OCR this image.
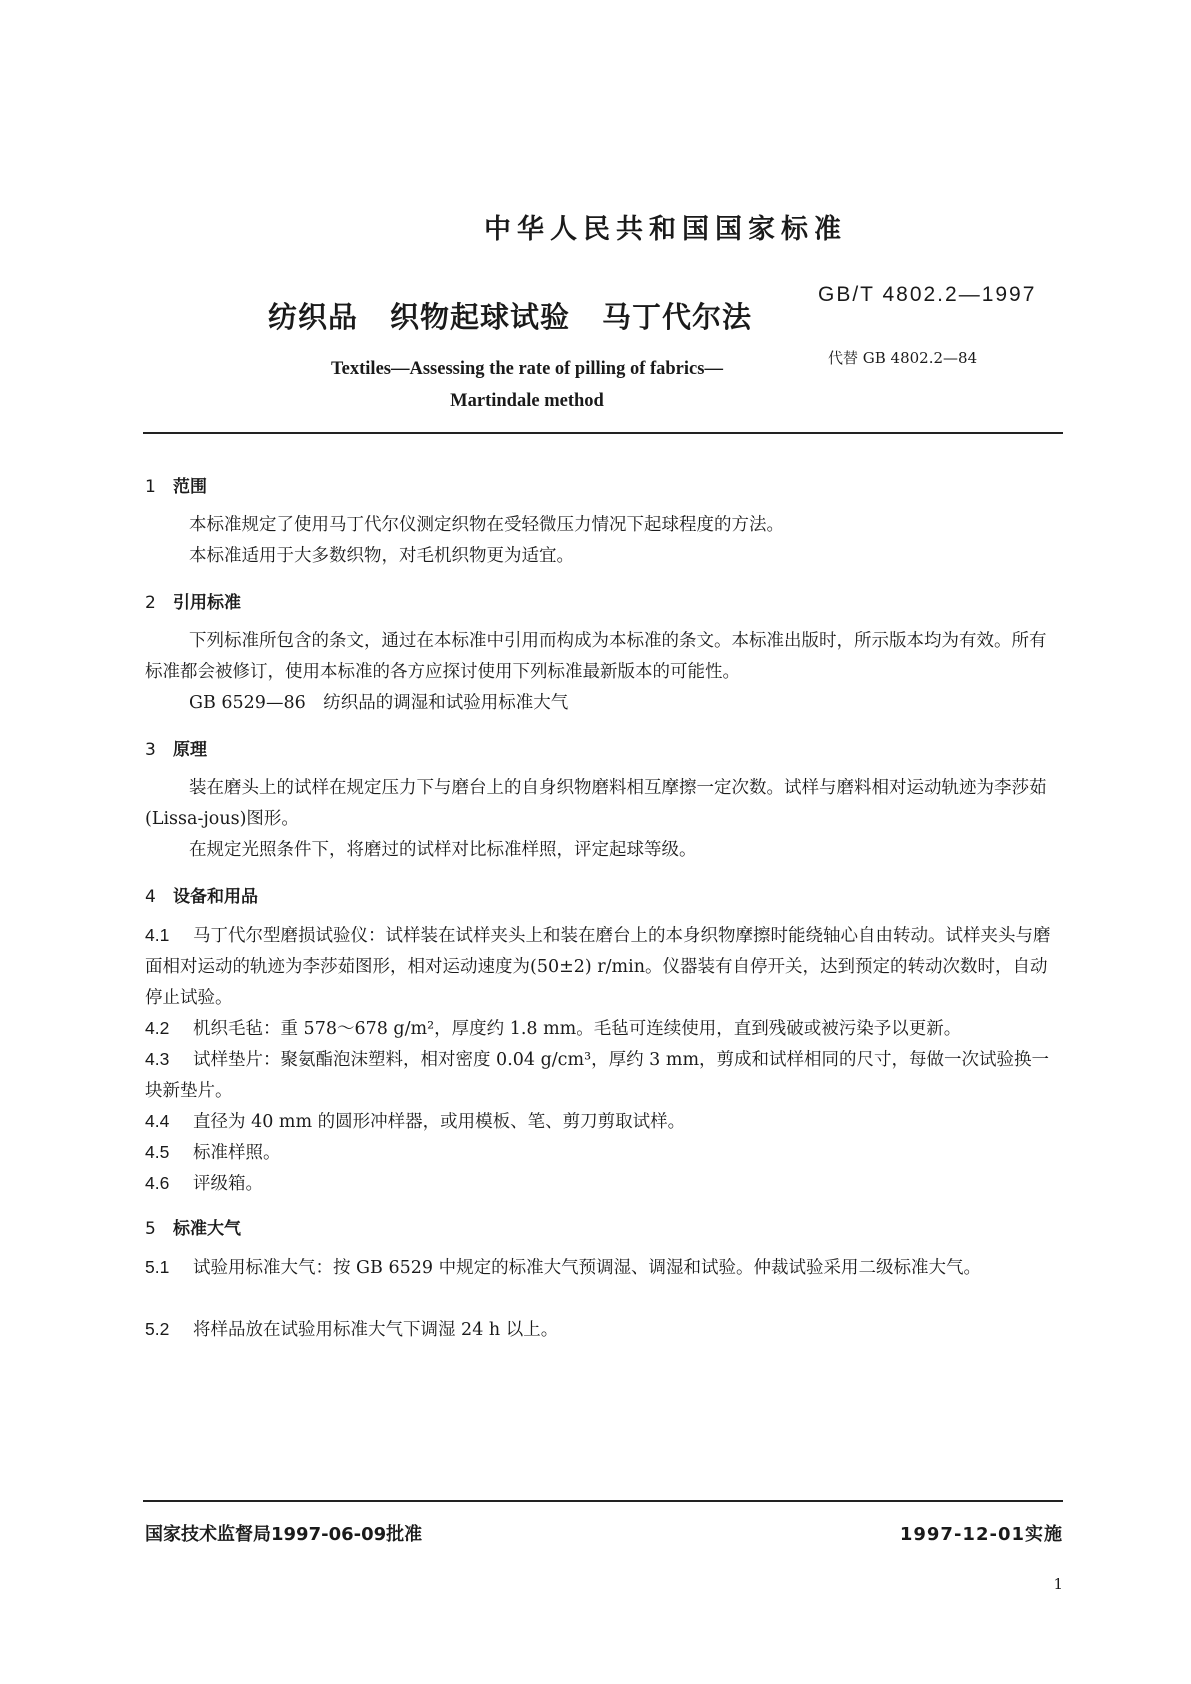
中华人民共和国国家标准
纺织品 织物起球试验 马丁代尔法
GB/T 4802.2—1997
代替 GB 4802.2—84
Textiles—Assessing the rate of pilling of fabrics—Martindale method
1 范围
本标准规定了使用马丁代尔仪测定织物在受轻微压力情况下起球程度的方法。
本标准适用于大多数织物，对毛机织物更为适宜。
2 引用标准
下列标准所包含的条文，通过在本标准中引用而构成为本标准的条文。本标准出版时，所示版本均为有效。所有标准都会被修订，使用本标准的各方应探讨使用下列标准最新版本的可能性。
GB 6529—86　纺织品的调湿和试验用标准大气
3 原理
装在磨头上的试样在规定压力下与磨台上的自身织物磨料相互摩擦一定次数。试样与磨料相对运动轨迹为李莎茹(Lissa-jous)图形。
在规定光照条件下，将磨过的试样对比标准样照，评定起球等级。
4 设备和用品
4.1 马丁代尔型磨损试验仪：试样装在试样夹头上和装在磨台上的本身织物摩擦时能绕轴心自由转动。试样夹头与磨面相对运动的轨迹为李莎茹图形，相对运动速度为(50±2) r/min。仪器装有自停开关，达到预定的转动次数时，自动停止试验。
4.2 机织毛毡：重 578～678 g/m²，厚度约 1.8 mm。毛毡可连续使用，直到残破或被污染予以更新。
4.3 试样垫片：聚氨酯泡沫塑料，相对密度 0.04 g/cm³，厚约 3 mm，剪成和试样相同的尺寸，每做一次试验换一块新垫片。
4.4 直径为 40 mm 的圆形冲样器，或用模板、笔、剪刀剪取试样。
4.5 标准样照。
4.6 评级箱。
5 标准大气
5.1 试验用标准大气：按 GB 6529 中规定的标准大气预调湿、调湿和试验。仲裁试验采用二级标准大气。
5.2 将样品放在试验用标准大气下调湿 24 h 以上。
国家技术监督局1997-06-09批准	1997-12-01实施
1
